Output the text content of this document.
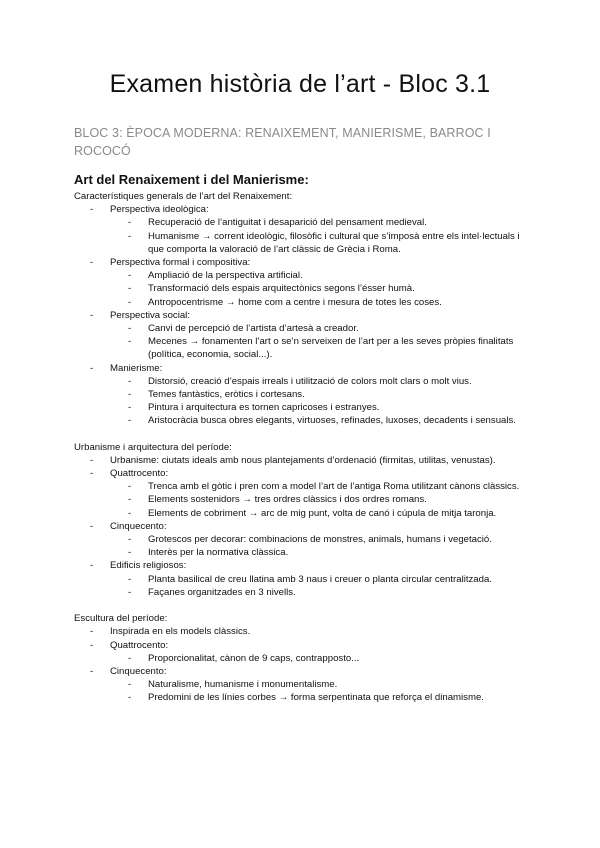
Examen història de l’art - Bloc 3.1

BLOC 3: ÈPOCA MODERNA: RENAIXEMENT, MANIERISME, BARROC I ROCOCÓ

Art del Renaixement i del Manierisme:

Característiques generals de l’art del Renaixement:

- Perspectiva ideològica:
- Recuperació de l’antiguitat i desaparició del pensament medieval.
- Humanisme → corrent ideològic, filosòfic i cultural que s’imposà entre els intel·lectuals i que comporta la valoració de l’art clàssic de Grècia i Roma.
- Perspectiva formal i compositiva:
- Ampliació de la perspectiva artificial.
- Transformació dels espais arquitectònics segons l’ésser humà.
- Antropocentrisme → home com a centre i mesura de totes les coses.
- Perspectiva social:
- Canvi de percepció de l’artista d’artesà a creador.
- Mecenes → fonamenten l’art o se’n serveixen de l’art per a les seves pròpies finalitats (política, economia, social...).
- Manierisme:
- Distorsió, creació d’espais irreals i utilització de colors molt clars o molt vius.
- Temes fantàstics, eròtics i cortesans.
- Pintura i arquitectura es tornen capricoses i estranyes.
- Aristocràcia busca obres elegants, virtuoses, refinades, luxoses, decadents i sensuals.

Urbanisme i arquitectura del període:

- Urbanisme: ciutats ideals amb nous plantejaments d’ordenació (firmitas, utilitas, venustas).
- Quattrocento:
- Trenca amb el gòtic i pren com a model l’art de l’antiga Roma utilitzant cànons clàssics.
- Elements sostenidors → tres ordres clàssics i dos ordres romans.
- Elements de cobriment → arc de mig punt, volta de canó i cúpula de mitja taronja.
- Cinquecento:
- Grotescos per decorar: combinacions de monstres, animals, humans i vegetació.
- Interès per la normativa clàssica.
- Edificis religiosos:
- Planta basilical de creu llatina amb 3 naus i creuer o planta circular centralitzada.
- Façanes organitzades en 3 nivells.

Escultura del període:

- Inspirada en els models clàssics.
- Quattrocento:
- Proporcionalitat, cànon de 9 caps, contrapposto...
- Cinquecento:
- Naturalisme, humanisme i monumentalisme.
- Predomini de les línies corbes → forma serpentinata que reforça el dinamisme.
